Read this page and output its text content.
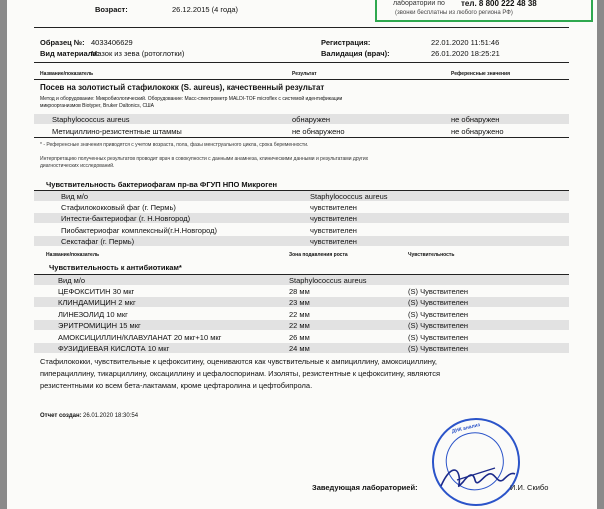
Возраст:	26.12.2015 (4 года)
лаборатории по тел. 8 800 222 48 38
(звонки бесплатны из любого региона РФ)
Образец №: 4033406629
Вид материала:
Мазок из зева (ротоглотки)
Регистрация:	22.01.2020 11:51:46
Валидация (врач):	26.01.2020 18:25:21
Название/показатель	Результат	Референсные значения
Посев на золотистый стафилококк (S. aureus), качественный результат
Метод и оборудование: Микробиологический. Оборудование: Масс-спектрометр MALDI-TOF microflex с системой идентификации
микроорганизмов Biotyper, Bruker Daltonics, США
Staphylococcus aureus	обнаружен	не обнаружен
Метициллино-резистентные штаммы	не обнаружено	не обнаружено
* - Референсные значения приводятся с учетом возраста, пола, фазы менструального цикла, срока беременности.
Интерпретацию полученных результатов проводит врач в совокупности с данными анамнеза, клиническими данными и результатами других
диагностических исследований.
Чувствительность бактериофагам пр-ва ФГУП НПО Микроген
Вид м/о	Staphylococcus aureus
Стафилококковый фаг (г. Пермь)	чувствителен
Интести-бактериофаг (г. Н.Новгород)	чувствителен
Пиобактериофаг комплексный(г.Н.Новгород)	чувствителен
Секстафаг (г. Пермь)	чувствителен
Название/показатель	Зона подавления роста	Чувствительность
Чувствительность к антибиотикам*
Вид м/о	Staphylococcus aureus
ЦЕФОКСИТИН 30 мкг	28 мм	(S) Чувствителен
КЛИНДАМИЦИН 2 мкг	23 мм	(S) Чувствителен
ЛИНЕЗОЛИД 10 мкг	22 мм	(S) Чувствителен
ЭРИТРОМИЦИН 15 мкг	22 мм	(S) Чувствителен
АМОКСИЦИЛЛИН/КЛАВУЛАНАТ 20 мкг+10 мкг	26 мм	(S) Чувствителен
ФУЗИДИЕВАЯ КИСЛОТА 10 мкг	24 мм	(S) Чувствителен
Стафилококки, чувствительные к цефокситину, оцениваются как чувствительные к ампициллину, амоксициллину,
пиперациллину, тикарциллину, оксациллину и цефалоспоринам. Изоляты, резистентные к цефокситину, являются
резистентными ко всем бета-лактамам, кроме цефтаролина и цефтобипрола.
Отчет создан: 26.01.2020 18:30:54
ДНК анализ
Заведующая лабораторией:	И.И. Скибо
